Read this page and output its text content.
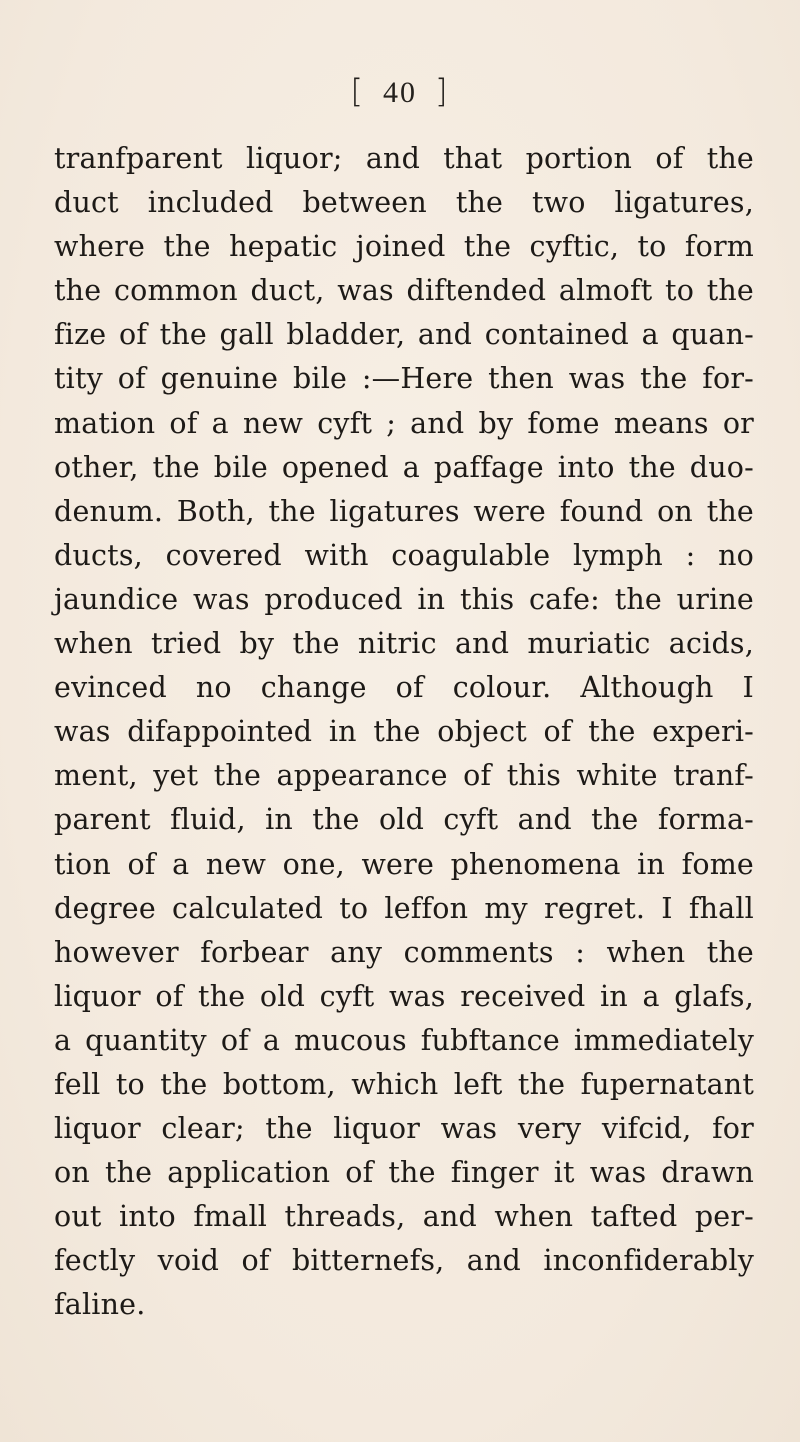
[ 40 ]
tranfparent liquor; and that portion of the
duct included between the two ligatures,
where the hepatic joined the cyftic, to form
the common duct, was diftended almoft to the
fize of the gall bladder, and contained a quan-
tity of genuine bile :—Here then was the for-
mation of a new cyft ; and by fome means or
other, the bile opened a paffage into the duo-
denum. Both, the ligatures were found on the
ducts, covered with coagulable lymph : no
jaundice was produced in this cafe: the urine
when tried by the nitric and muriatic acids,
evinced no change of colour. Although I
was difappointed in the object of the experi-
ment, yet the appearance of this white tranf-
parent fluid, in the old cyft and the forma-
tion of a new one, were phenomena in fome
degree calculated to leffon my regret. I fhall
however forbear any comments : when the
liquor of the old cyft was received in a glafs,
a quantity of a mucous fubftance immediately
fell to the bottom, which left the fupernatant
liquor clear; the liquor was very vifcid, for
on the application of the finger it was drawn
out into fmall threads, and when tafted per-
fectly void of bitternefs, and inconfiderably
faline.
